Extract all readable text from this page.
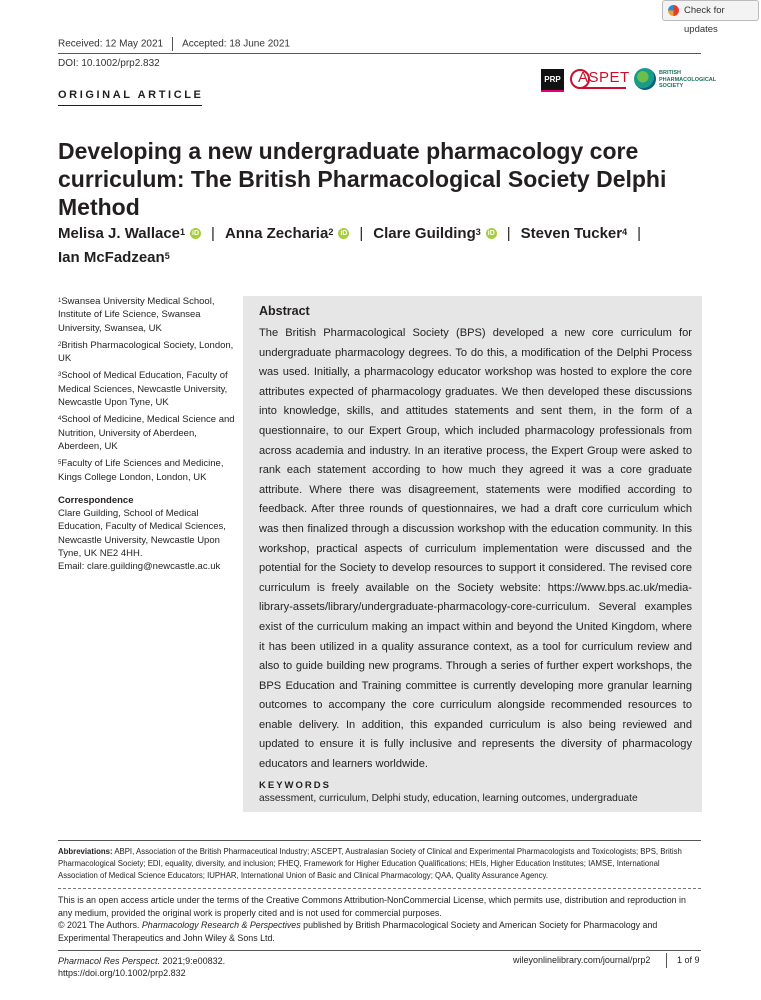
Received: 12 May 2021 Accepted: 18 June 2021
DOI: 10.1002/prp2.832
ORIGINAL ARTICLE
Check for updates
PRP ASPET	BRITISH PHARMACOLOGICAL SOCIETY
Developing a new undergraduate pharmacology core
curriculum: The British Pharmacological Society Delphi Method
Melisa J. Wallace$^1$ iD | Anna Zecharia$^2$ iD | Clare Guilding$^3$ iD | Steven Tucker$^4$ |
Ian McFadzean$^5$

$^1$Swansea University Medical School, Institute of Life Science, Swansea University, Swansea, UK

$^2$British Pharmacological Society, London, UK

$^3$School of Medical Education, Faculty of Medical Sciences, Newcastle University, Newcastle Upon Tyne, UK

$^4$School of Medicine, Medical Science and Nutrition, University of Aberdeen, Aberdeen, UK

$^5$Faculty of Life Sciences and Medicine, Kings College London, London, UK

Correspondence

Clare Guilding, School of Medical Education, Faculty of Medical Sciences, Newcastle University, Newcastle Upon Tyne, UK NE2 4HH.
Email: clare.guilding@newcastle.ac.uk

Abstract
The British Pharmacological Society (BPS) developed a new core curriculum for undergraduate pharmacology degrees. To do this, a modification of the Delphi Process was used. Initially, a pharmacology educator workshop was hosted to explore the core attributes expected of pharmacology graduates. We then developed these discussions into knowledge, skills, and attitudes statements and sent them, in the form of a questionnaire, to our Expert Group, which included pharmacology professionals from across academia and industry. In an iterative process, the Expert Group were asked to rank each statement according to how much they agreed it was a core graduate attribute. Where there was disagreement, statements were modified according to feedback. After three rounds of questionnaires, we had a draft core curriculum which was then finalized through a discussion workshop with the education community. In this workshop, practical aspects of curriculum implementation were discussed and the potential for the Society to develop resources to support it considered. The revised core curriculum is freely available on the Society website: https://www.bps.ac.uk/media-library-assets/library/undergraduate-pharmacology-core-curriculum. Several examples exist of the curriculum making an impact within and beyond the United Kingdom, where it has been utilized in a quality assurance context, as a tool for curriculum review and also to guide building new programs. Through a series of further expert workshops, the BPS Education and Training committee is currently developing more granular learning outcomes to accompany the core curriculum alongside recommended resources to enable delivery. In addition, this expanded curriculum is also being reviewed and updated to ensure it is fully inclusive and represents the diversity of pharmacology educators and learners worldwide.
KEYWORDS
assessment, curriculum, Delphi study, education, learning outcomes, undergraduate
Abbreviations: ABPI, Association of the British Pharmaceutical Industry; ASCEPT, Australasian Society of Clinical and Experimental Pharmacologists and Toxicologists; BPS, British Pharmacological Society; EDI, equality, diversity, and inclusion; FHEQ, Framework for Higher Education Qualifications; HEIs, Higher Education Institutes; IAMSE, International Association of Medical Science Educators; IUPHAR, International Union of Basic and Clinical Pharmacology; QAA, Quality Assurance Agency.
This is an open access article under the terms of the Creative Commons Attribution-NonCommercial License, which permits use, distribution and reproduction in any medium, provided the original work is properly cited and is not used for commercial purposes.
© 2021 The Authors. Pharmacology Research & Perspectives published by British Pharmacological Society and American Society for Pharmacology and Experimental Therapeutics and John Wiley & Sons Ltd.
Pharmacol Res Perspect. 2021;9:e00832.
https://doi.org/10.1002/prp2.832
wileyonlinelibrary.com/journal/prp2	1 of 9
